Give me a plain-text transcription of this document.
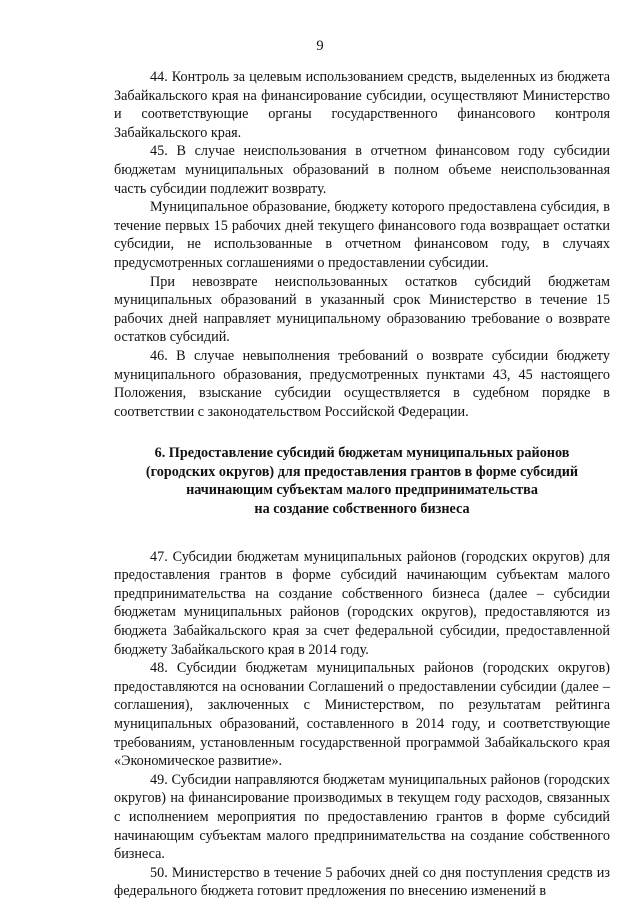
9

44. Контроль за целевым использованием средств, выделенных из бюджета Забайкальского края на финансирование субсидии, осуществляют Министерство и соответствующие органы государственного финансового контроля Забайкальского края.

45. В случае неиспользования в отчетном финансовом году субсидии бюджетам муниципальных образований в полном объеме неиспользованная часть субсидии подлежит возврату.

Муниципальное образование, бюджету которого предоставлена субсидия, в течение первых 15 рабочих дней текущего финансового года возвращает остатки субсидии, не использованные в отчетном финансовом году, в случаях предусмотренных соглашениями о предоставлении субсидии.

При невозврате неиспользованных остатков субсидий бюджетам муниципальных образований в указанный срок Министерство в течение 15 рабочих дней направляет муниципальному образованию требование о возврате остатков субсидий.

46. В случае невыполнения требований о возврате субсидии бюджету муниципального образования, предусмотренных пунктами 43, 45 настоящего Положения, взыскание субсидии осуществляется в судебном порядке в соответствии с законодательством Российской Федерации.

6. Предоставление субсидий бюджетам муниципальных районов
(городских округов) для предоставления грантов в форме субсидий
начинающим субъектам малого предпринимательства
на создание собственного бизнеса

47. Субсидии бюджетам муниципальных районов (городских округов) для предоставления грантов в форме субсидий начинающим субъектам малого предпринимательства на создание собственного бизнеса (далее – субсидии бюджетам муниципальных районов (городских округов), предоставляются из бюджета Забайкальского края за счет федеральной субсидии, предоставленной бюджету Забайкальского края в 2014 году.

48. Субсидии бюджетам муниципальных районов (городских округов) предоставляются на основании Соглашений о предоставлении субсидии (далее – соглашения), заключенных с Министерством, по результатам рейтинга муниципальных образований, составленного в 2014 году, и соответствующие требованиям, установленным государственной программой Забайкальского края «Экономическое развитие».

49. Субсидии направляются бюджетам муниципальных районов (городских округов) на финансирование производимых в текущем году расходов, связанных с исполнением мероприятия по предоставлению грантов в форме субсидий начинающим субъектам малого предпринимательства на создание собственного бизнеса.

50. Министерство в течение 5 рабочих дней со дня поступления средств из федерального бюджета готовит предложения по внесению изменений в
